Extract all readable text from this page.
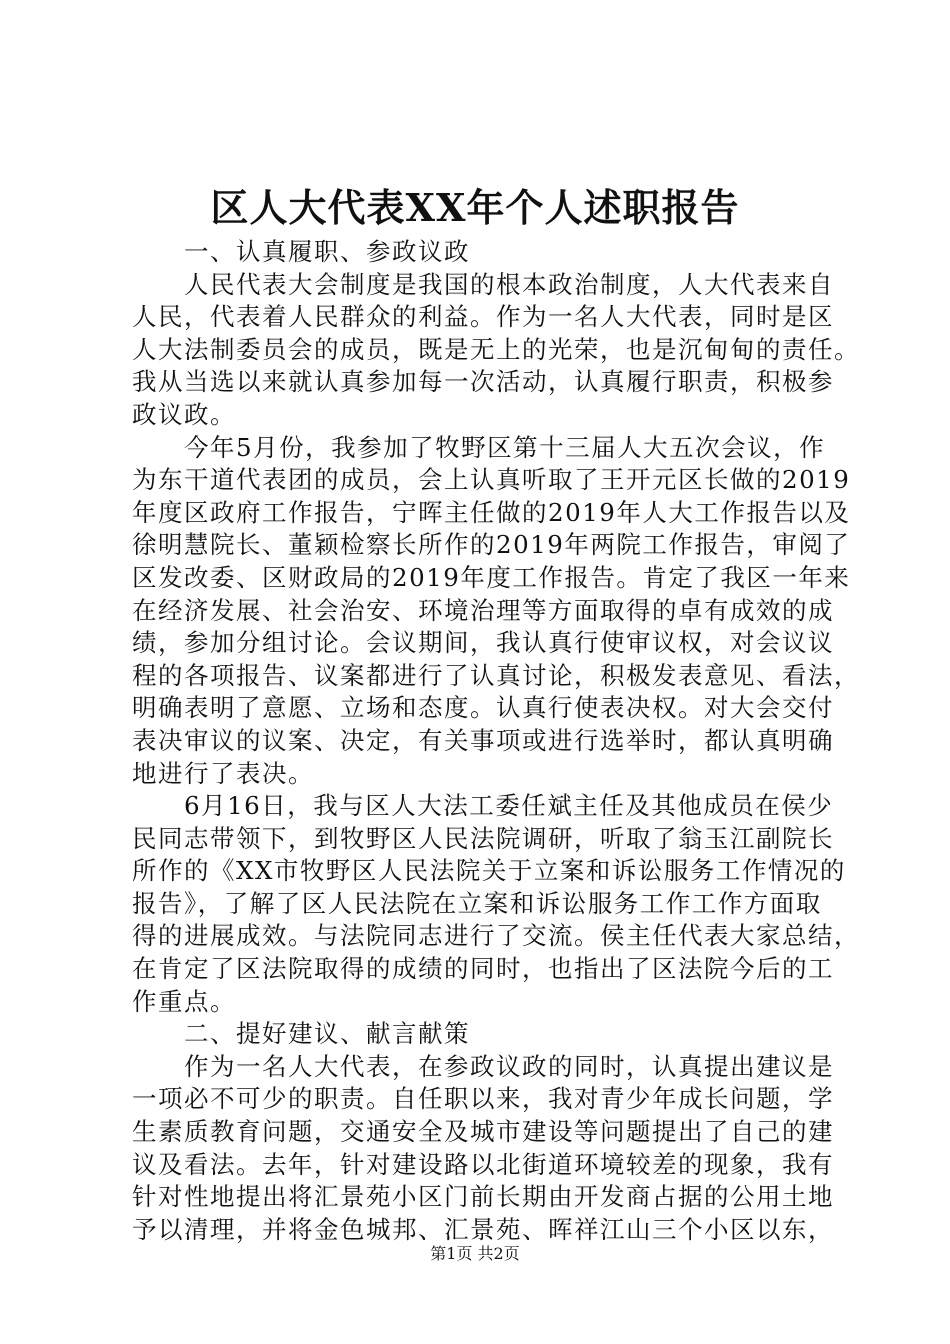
区人大代表XX年个人述职报告
　　一、认真履职、参政议政
　　人民代表大会制度是我国的根本政治制度，人大代表来自
人民，代表着人民群众的利益。作为一名人大代表，同时是区
人大法制委员会的成员，既是无上的光荣，也是沉甸甸的责任。
我从当选以来就认真参加每一次活动，认真履行职责，积极参
政议政。
　　今年5月份，我参加了牧野区第十三届人大五次会议，作
为东干道代表团的成员，会上认真听取了王开元区长做的2019
年度区政府工作报告，宁晖主任做的2019年人大工作报告以及
徐明慧院长、董颖检察长所作的2019年两院工作报告，审阅了
区发改委、区财政局的2019年度工作报告。肯定了我区一年来
在经济发展、社会治安、环境治理等方面取得的卓有成效的成
绩，参加分组讨论。会议期间，我认真行使审议权，对会议议
程的各项报告、议案都进行了认真讨论，积极发表意见、看法，
明确表明了意愿、立场和态度。认真行使表决权。对大会交付
表决审议的议案、决定，有关事项或进行选举时，都认真明确
地进行了表决。
　　6月16日，我与区人大法工委任斌主任及其他成员在侯少
民同志带领下，到牧野区人民法院调研，听取了翁玉江副院长
所作的《XX市牧野区人民法院关于立案和诉讼服务工作情况的
报告》，了解了区人民法院在立案和诉讼服务工作工作方面取
得的进展成效。与法院同志进行了交流。侯主任代表大家总结，
在肯定了区法院取得的成绩的同时，也指出了区法院今后的工
作重点。
　　二、提好建议、献言献策
　　作为一名人大代表，在参政议政的同时，认真提出建议是
一项必不可少的职责。自任职以来，我对青少年成长问题，学
生素质教育问题，交通安全及城市建设等问题提出了自己的建
议及看法。去年，针对建设路以北街道环境较差的现象，我有
针对性地提出将汇景苑小区门前长期由开发商占据的公用土地
予以清理，并将金色城邦、汇景苑、晖祥江山三个小区以东，
第1页 共2页
